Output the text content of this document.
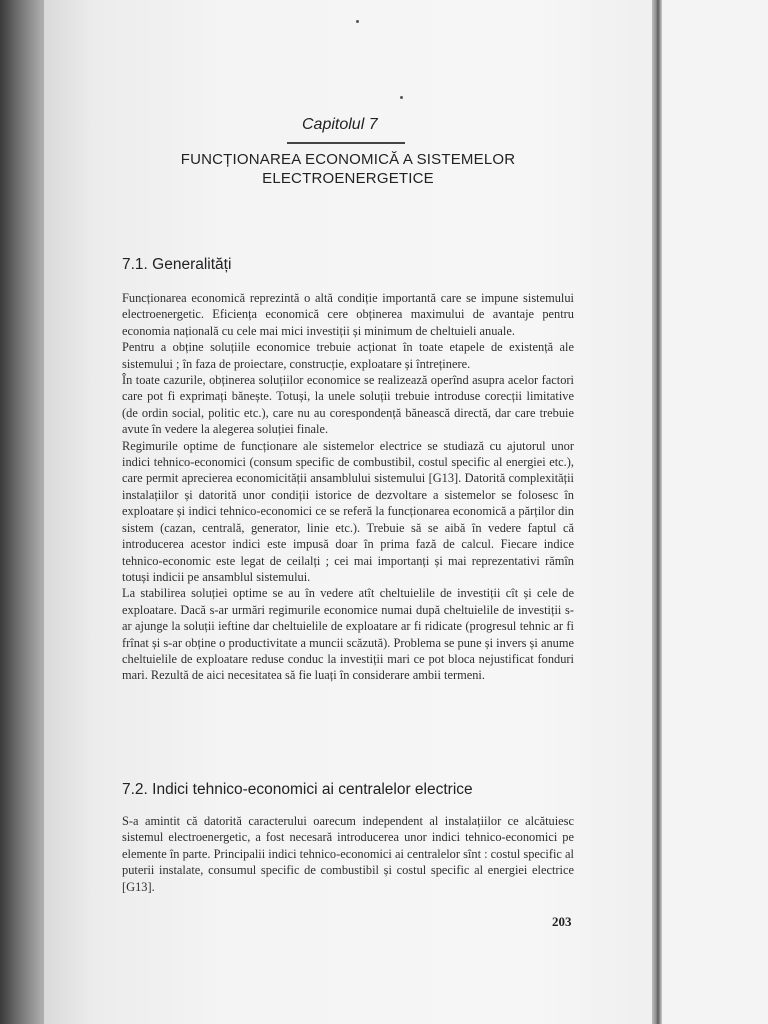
Capitolul 7
FUNCȚIONAREA ECONOMICĂ A SISTEMELOR
ELECTROENERGETICE
7.1. Generalități

Funcționarea economică reprezintă o altă condiție importantă care se impune sistemului electroenergetic. Eficiența economică cere obținerea maximului de avantaje pentru economia națională cu cele mai mici investiții și minimum de cheltuieli anuale.

Pentru a obține soluțiile economice trebuie acționat în toate etapele de existență ale sistemului ; în faza de proiectare, construcție, exploatare și întreținere.

În toate cazurile, obținerea soluțiilor economice se realizează operînd asupra acelor factori care pot fi exprimați bănește. Totuși, la unele soluții trebuie introduse corecții limitative (de ordin social, politic etc.), care nu au corespondență bănească directă, dar care trebuie avute în vedere la alegerea soluției finale.

Regimurile optime de funcționare ale sistemelor electrice se studiază cu ajutorul unor indici tehnico-economici (consum specific de combustibil, costul specific al energiei etc.), care permit aprecierea economicității ansamblului sistemului [G13]. Datorită complexității instalațiilor și datorită unor condiții istorice de dezvoltare a sistemelor se folosesc în exploatare și indici tehnico-economici ce se referă la funcționarea economică a părților din sistem (cazan, centrală, generator, linie etc.). Trebuie să se aibă în vedere faptul că introducerea acestor indici este impusă doar în prima fază de calcul. Fiecare indice tehnico-economic este legat de ceilalți ; cei mai importanți și mai reprezentativi rămîn totuși indicii pe ansamblul sistemului.

La stabilirea soluției optime se au în vedere atît cheltuielile de investiții cît și cele de exploatare. Dacă s-ar urmări regimurile economice numai după cheltuielile de investiții s-ar ajunge la soluții ieftine dar cheltuielile de exploatare ar fi ridicate (progresul tehnic ar fi frînat și s-ar obține o productivitate a muncii scăzută). Problema se pune și invers și anume cheltuielile de exploatare reduse conduc la investiții mari ce pot bloca nejustificat fonduri mari. Rezultă de aici necesitatea să fie luați în considerare ambii termeni.

7.2. Indici tehnico-economici ai centralelor electrice

S-a amintit că datorită caracterului oarecum independent al instalațiilor ce alcătuiesc sistemul electroenergetic, a fost necesară introducerea unor indici tehnico-economici pe elemente în parte. Principalii indici tehnico-economici ai centralelor sînt : costul specific al puterii instalate, consumul specific de combustibil și costul specific al energiei electrice [G13].

203
